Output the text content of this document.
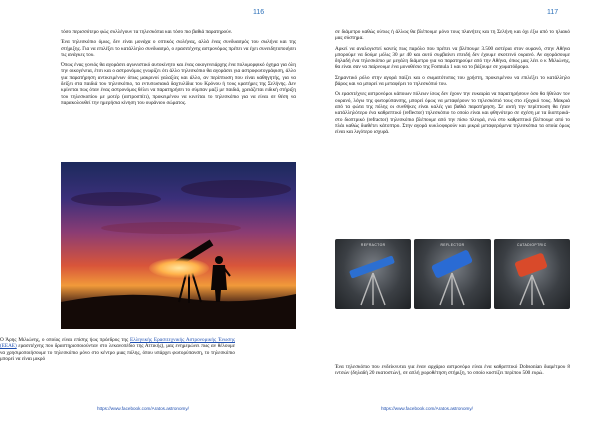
116

τόσο περισσότερο φώς συλλέγουν τα τηλεσκόπια και τόσο πιο βαθιά παρατηρούν.

Ένα τηλεσκόπιο όμως, δεν είναι μονάχα ο οπτικός σωλήνας, αλλά ένας συνδυασμός του σωλήνα και της στήριξης. Για να επιλέξει το κατάλληλο συνδυασμό, ο ερασιτέχνης αστρονόμος πρέπει να έχει συνειδητοποιήσει τις ανάγκες του.

Όπως ένας γονιός θα αγοράσει αγωνιστικό αυτοκίνητο και ένας οικογενειάρχης ένα πολυμορφικό όχημα για όλη την οικογένεια, έτσι και ο αστρονόμος γνωρίζει ότι άλλο τηλεσκόπιο θα αγοράσει για αστροφωτογράφιση, άλλο για παρατήρηση αντικειμένων όπως μακρινοί γαλαξίες και άλλο, αν περίπτωση που είναι καθηγητής, για να δείξει στα παιδιά του τηλεσκόπιο, τα εντυπωσιακά δαχτυλίδια του Κρόνου ή τους κρατήρες της Σελήνης. Δεν κρίνεται πως όταν ένας αστρονόμος θέλει να παρατηρήσει το σύμπαν μαζί με παιδιά, χρειάζεται ειδική στήριξη του τηλεσκοπίου με μοτέρ (αστροσπίτι), προκειμένου να κινείται το τηλεσκόπιο για να είναι σε θέση να παρακολουθεί την ημερήσια κίνηση του ουράνιου σώματος.

Ο Άρης Μιλιώνης, ο οποίος είναι επίσης ήως πρόεδρος της Ελληνικής Ερασιτεχνικής Αστρονομικής Ένωσης (ΕΕΑΕ) ερασιτέχνης που δραστηριοποιούνταν στο λεκανοπέδιο της Αττικής), μας ενημερώνει πως αν θέλουμε να χρησιμοποιήσουμε το τηλεσκόπιο μόνο στο κέντρο μιας πόλης, όπου υπάρχει φωτορύπανση, το τηλεσκόπιο μπορεί να είναι μικρό

https://www.facebook.com/Aratos.astronomy/
117

σε διάμετρο καθώς ούτως ή άλλως θα βλέπουμε μόνο τους πλανήτες και τη Σελήνη και όχι έξω από το ηλιακό μας σύστημα.

Αρκεί να αναλογιστεί κανείς πως παρόλο που πρέπει να βλέπουμε 3.500 αστέρια στον ουρανό, στην Αθήνα μπορούμε να δούμε μόλις 30 με 40 και αυτό συμβαίνει επειδή δεν έχουμε σκοτεινό ουρανό. Αν αγοράσουμε δηλαδή ένα τηλεσκόπιο με μεγάλη διάμετρο για να παρατηρούμε από την Αθήνα, όπως μας λέει ο κ Μιλιώνης, θα είναι σαν να παίρνουμε ένα μονοθέσιο της Formula 1 και να το βάζουμε σε χωματόδρομο.

Σημαντικό ρόλο στην αγορά παίζει και ο σωματότυπος του χρήστη, προκειμένου να επιλέξει το κατάλληλο βάρος και να μπορεί να μεταφέρει το τηλεσκόπιό του.

Οι ερασιτέχνες αστρονόμοι κάποιων πόλεων ίσως δεν έχουν την ευκαιρία να παρατηρήσουν όσο θα ήθελαν τον ουρανό, λόγω της φωτορύπανσης, μπορεί όμως να μεταφέρουν το τηλεσκόπιό τους στο εξοχικό τους. Μακριά από τα φώτα της πόλης οι συνθήκες είναι καλές για βαθιά παρατήρηση. Σε αυτή την περίπτωση θα ήταν κατάλληλότερο ένα καθρεπτικό (reflector) τηλεσκόπιο το οποίο είναι και φθηνότερο σε σχέση με τα διοπτρικά- στο διοπτρικό (refractor) τηλεσκόπιο βλέπουμε από την πίσω πλευρά, ενώ στο καθρεπτικό βλέπουμε από το πλάι καθώς διαθέτει κάτοπτρο. Στην αγορά κυκλοφορούν και μικρά μεταφερόμενα τηλεσκόπια τα οποία όμως είναι και λιγότερο ισχυρά.

REFRACTOR	REFLECTOR	CATADIOPTRIC

Ένα τηλεσκόπιο που ενδείκνυται για έναν αρχάριο αστρονόμο είναι ένα καθρεπτικό Dobsonian διαμέτρου 8 ιντσών (δηλαδή 20 εκατοστών), σε απλή χωροθέτηση στήριξη, το οποίο κοστίζει περίπου 500 ευρώ.

https://www.facebook.com/Aratos.astronomy/
